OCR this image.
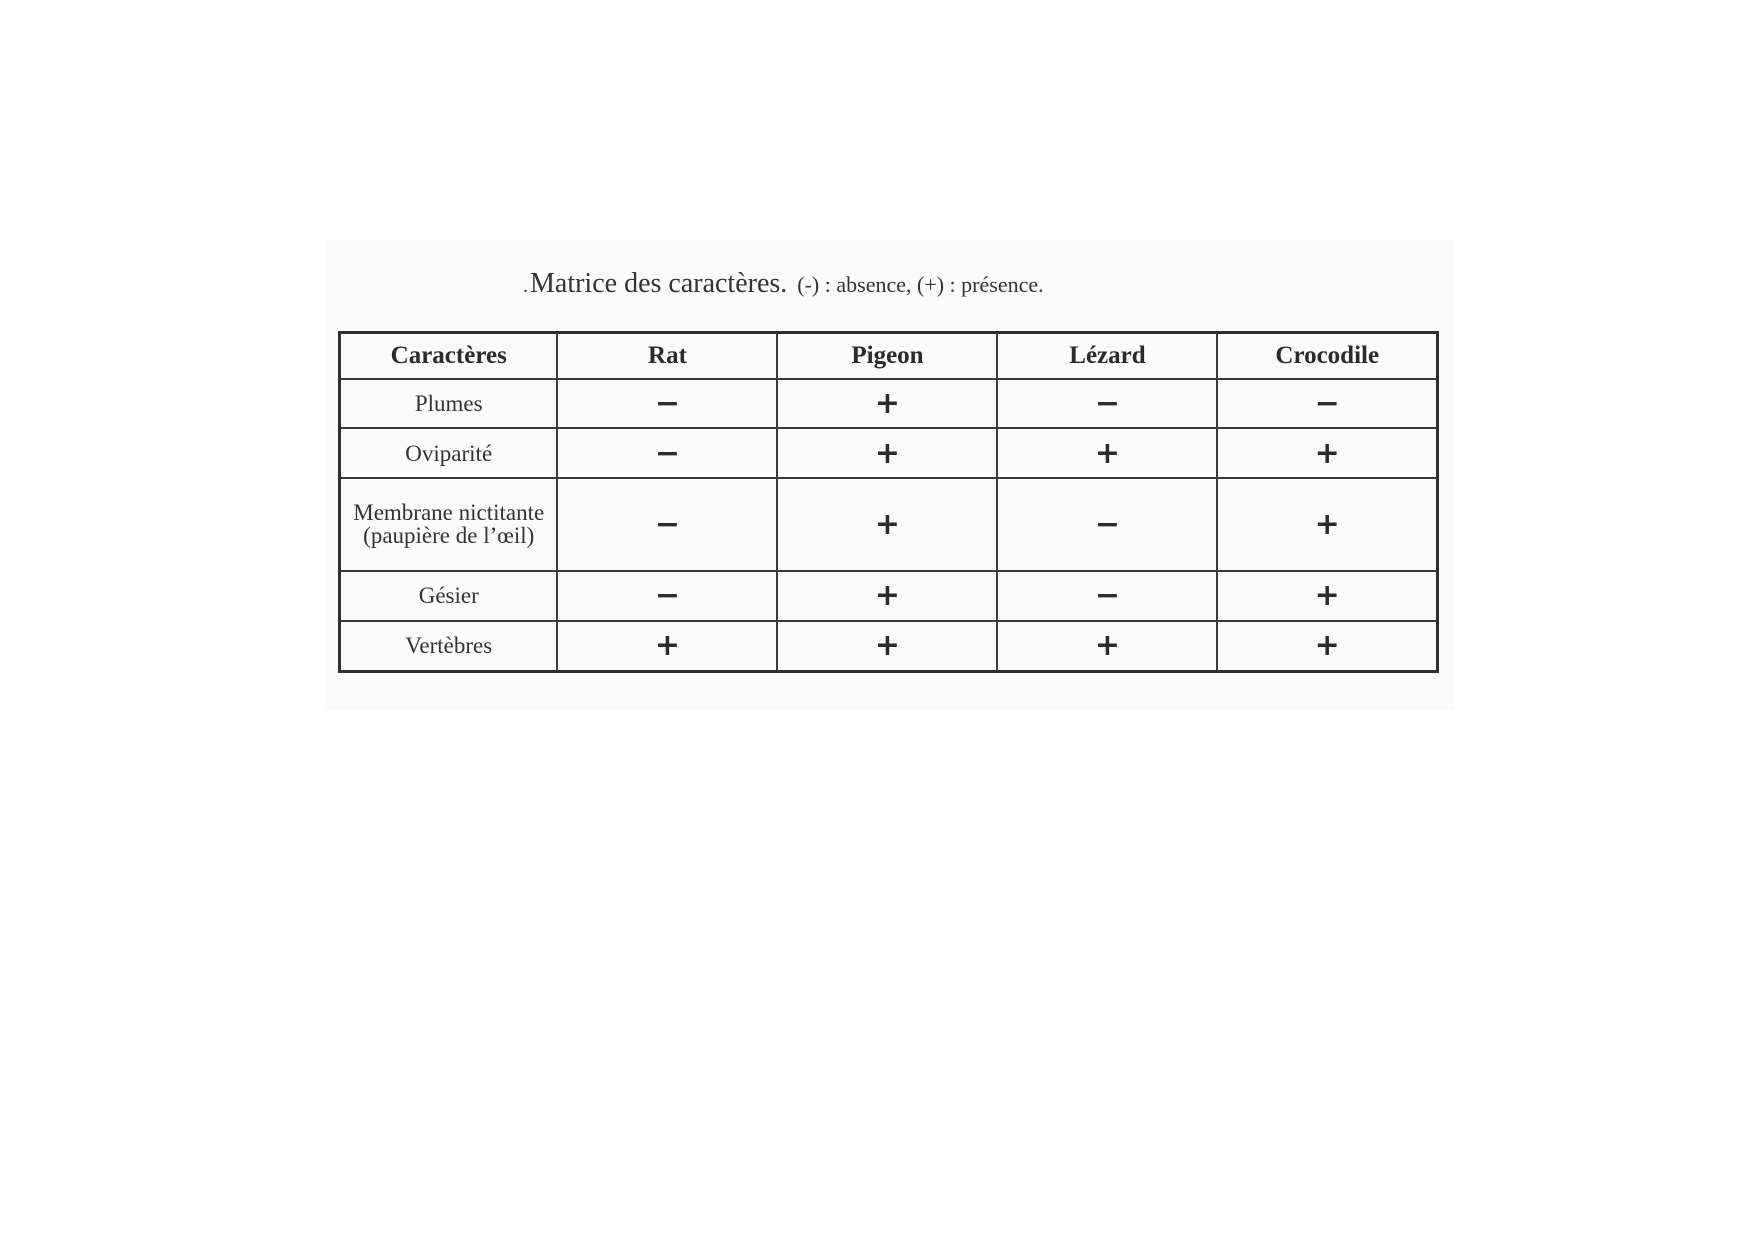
.Matrice des caractères. (-) : absence, (+) : présence.
Caractères	Rat	Pigeon	Lézard	Crocodile
Plumes	−	+	−	−
Oviparité	−	+	+	+
Membrane nictitante (paupière de l’œil)	−	+	−	+
Gésier	−	+	−	+
Vertèbres	+	+	+	+
